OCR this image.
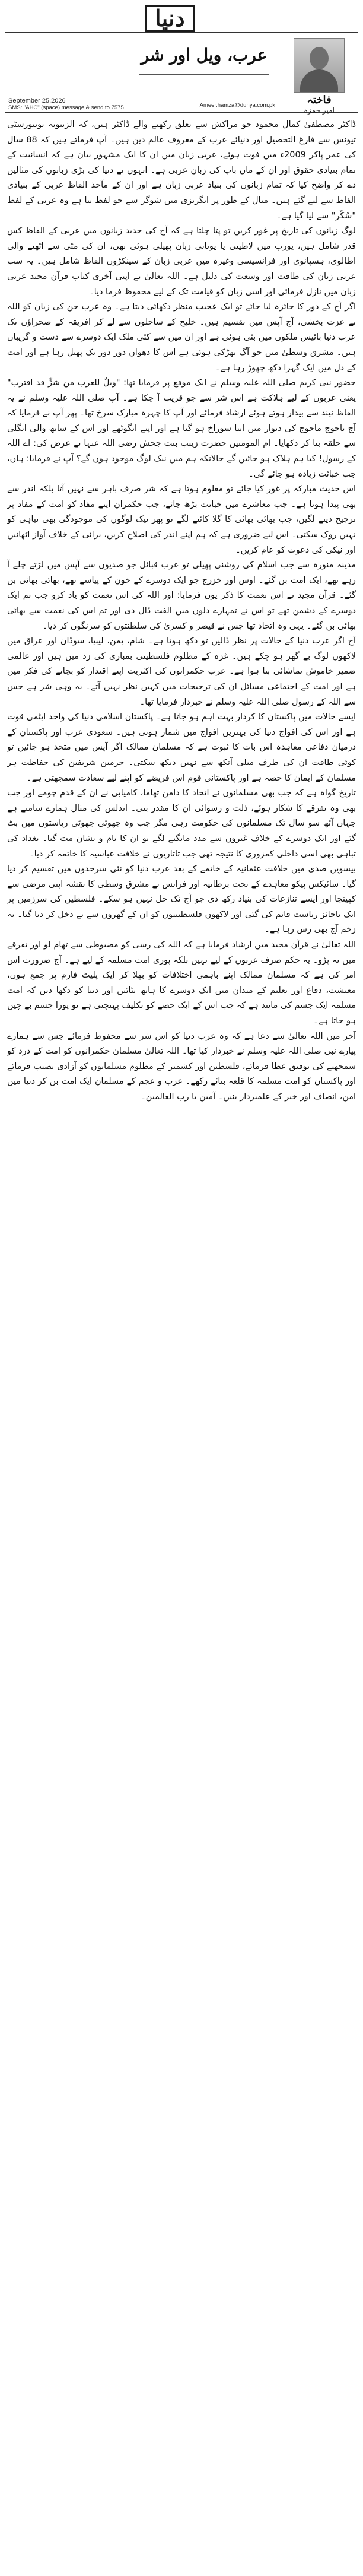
دنیا
فاختہ
امیر حمزہ
عرب، ویل اور شر
September 25,2026
SMS: "AHC" (space) message & send to 7575	Ameer.hamza@dunya.com.pk

ڈاکٹر مصطفیٰ کمال محمود جو مراکش سے تعلق رکھنے والے ڈاکٹر ہیں، کہ الزیتونہ یونیورسٹی تیونس سے فارغ التحصیل اور دنیائے عرب کے معروف عالم دین ہیں۔ آپ فرماتے ہیں کہ 88 سال کی عمر پاکر 2009ء میں فوت ہوئے، عربی زبان میں ان کا ایک مشہور بیان ہے کہ انسانیت کے تمام بنیادی حقوق اور ان کے ماں باپ کی زبان عربی ہے۔ انہوں نے دنیا کی بڑی زبانوں کی مثالیں دے کر واضح کیا کہ تمام زبانوں کی بنیاد عربی زبان ہے اور ان کے مآخذ الفاظ عربی کے بنیادی الفاظ سے لیے گئے ہیں۔ مثال کے طور پر انگریزی میں شوگر سے جو لفظ بنا ہے وہ عربی کے لفظ "سُکّر" سے لیا گیا ہے۔

لوگ زبانوں کی تاریخ پر غور کریں تو پتا چلتا ہے کہ آج کی جدید زبانوں میں عربی کے الفاظ کس قدر شامل ہیں، یورپ میں لاطینی یا یونانی زبان پھیلی ہوئی تھی، ان کی مٹی سے اٹھنے والی اطالوی، ہسپانوی اور فرانسیسی وغیرہ میں عربی زبان کے سینکڑوں الفاظ شامل ہیں۔ یہ سب عربی زبان کی طاقت اور وسعت کی دلیل ہے۔ اللہ تعالیٰ نے اپنی آخری کتاب قرآن مجید عربی زبان میں نازل فرمائی اور اسی زبان کو قیامت تک کے لیے محفوظ فرما دیا۔

اگر آج کے دور کا جائزہ لیا جائے تو ایک عجیب منظر دکھائی دیتا ہے۔ وہ عرب جن کی زبان کو اللہ نے عزت بخشی، آج آپس میں تقسیم ہیں۔ خلیج کے ساحلوں سے لے کر افریقہ کے صحراؤں تک عرب دنیا بائیس ملکوں میں بٹی ہوئی ہے اور ان میں سے کئی ملک ایک دوسرے سے دست و گریباں ہیں۔ مشرق وسطیٰ میں جو آگ بھڑکی ہوئی ہے اس کا دھواں دور دور تک پھیل رہا ہے اور امت کے دل میں ایک گہرا دکھ چھوڑ رہا ہے۔

حضور نبی کریم صلی اللہ علیہ وسلم نے ایک موقع پر فرمایا تھا: "ویلٌ للعرب من شرٍّ قد اقترب" یعنی عربوں کے لیے ہلاکت ہے اس شر سے جو قریب آ چکا ہے۔ آپ صلی اللہ علیہ وسلم نے یہ الفاظ نیند سے بیدار ہوتے ہوئے ارشاد فرمائے اور آپ کا چہرہ مبارک سرخ تھا۔ پھر آپ نے فرمایا کہ آج یاجوج ماجوج کی دیوار میں اتنا سوراخ ہو گیا ہے اور اپنے انگوٹھے اور اس کے ساتھ والی انگلی سے حلقہ بنا کر دکھایا۔ ام المومنین حضرت زینب بنت جحش رضی اللہ عنہا نے عرض کی: اے اللہ کے رسول! کیا ہم ہلاک ہو جائیں گے حالانکہ ہم میں نیک لوگ موجود ہوں گے؟ آپ نے فرمایا: ہاں، جب خباثت زیادہ ہو جائے گی۔

اس حدیث مبارکہ پر غور کیا جائے تو معلوم ہوتا ہے کہ شر صرف باہر سے نہیں آتا بلکہ اندر سے بھی پیدا ہوتا ہے۔ جب معاشرے میں خباثت بڑھ جائے، جب حکمران اپنے مفاد کو امت کے مفاد پر ترجیح دینے لگیں، جب بھائی بھائی کا گلا کاٹنے لگے تو پھر نیک لوگوں کی موجودگی بھی تباہی کو نہیں روک سکتی۔ اس لیے ضروری ہے کہ ہم اپنے اندر کی اصلاح کریں، برائی کے خلاف آواز اٹھائیں اور نیکی کی دعوت کو عام کریں۔

مدینہ منورہ سے جب اسلام کی روشنی پھیلی تو عرب قبائل جو صدیوں سے آپس میں لڑتے چلے آ رہے تھے، ایک امت بن گئے۔ اوس اور خزرج جو ایک دوسرے کے خون کے پیاسے تھے، بھائی بھائی بن گئے۔ قرآن مجید نے اس نعمت کا ذکر یوں فرمایا: اور اللہ کی اس نعمت کو یاد کرو جب تم ایک دوسرے کے دشمن تھے تو اس نے تمہارے دلوں میں الفت ڈال دی اور تم اس کی نعمت سے بھائی بھائی بن گئے۔ یہی وہ اتحاد تھا جس نے قیصر و کسریٰ کی سلطنتوں کو سرنگوں کر دیا۔

آج اگر عرب دنیا کے حالات پر نظر ڈالیں تو دکھ ہوتا ہے۔ شام، یمن، لیبیا، سوڈان اور عراق میں لاکھوں لوگ بے گھر ہو چکے ہیں۔ غزہ کے مظلوم فلسطینی بمباری کی زد میں ہیں اور عالمی ضمیر خاموش تماشائی بنا ہوا ہے۔ عرب حکمرانوں کی اکثریت اپنے اقتدار کو بچانے کی فکر میں ہے اور امت کے اجتماعی مسائل ان کی ترجیحات میں کہیں نظر نہیں آتے۔ یہ وہی شر ہے جس سے اللہ کے رسول صلی اللہ علیہ وسلم نے خبردار فرمایا تھا۔

ایسے حالات میں پاکستان کا کردار بہت اہم ہو جاتا ہے۔ پاکستان اسلامی دنیا کی واحد ایٹمی قوت ہے اور اس کی افواج دنیا کی بہترین افواج میں شمار ہوتی ہیں۔ سعودی عرب اور پاکستان کے درمیان دفاعی معاہدہ اس بات کا ثبوت ہے کہ مسلمان ممالک اگر آپس میں متحد ہو جائیں تو کوئی طاقت ان کی طرف میلی آنکھ سے نہیں دیکھ سکتی۔ حرمین شریفین کی حفاظت ہر مسلمان کے ایمان کا حصہ ہے اور پاکستانی قوم اس فریضے کو اپنے لیے سعادت سمجھتی ہے۔

تاریخ گواہ ہے کہ جب بھی مسلمانوں نے اتحاد کا دامن تھاما، کامیابی نے ان کے قدم چومے اور جب بھی وہ تفرقے کا شکار ہوئے، ذلت و رسوائی ان کا مقدر بنی۔ اندلس کی مثال ہمارے سامنے ہے جہاں آٹھ سو سال تک مسلمانوں کی حکومت رہی مگر جب وہ چھوٹی چھوٹی ریاستوں میں بٹ گئے اور ایک دوسرے کے خلاف غیروں سے مدد مانگنے لگے تو ان کا نام و نشان مٹ گیا۔ بغداد کی تباہی بھی اسی داخلی کمزوری کا نتیجہ تھی جب تاتاریوں نے خلافت عباسیہ کا خاتمہ کر دیا۔

بیسویں صدی میں خلافت عثمانیہ کے خاتمے کے بعد عرب دنیا کو نئی سرحدوں میں تقسیم کر دیا گیا۔ سائیکس پیکو معاہدے کے تحت برطانیہ اور فرانس نے مشرق وسطیٰ کا نقشہ اپنی مرضی سے کھینچا اور ایسے تنازعات کی بنیاد رکھ دی جو آج تک حل نہیں ہو سکے۔ فلسطین کی سرزمین پر ایک ناجائز ریاست قائم کی گئی اور لاکھوں فلسطینیوں کو ان کے گھروں سے بے دخل کر دیا گیا۔ یہ زخم آج بھی رس رہا ہے۔

اللہ تعالیٰ نے قرآن مجید میں ارشاد فرمایا ہے کہ اللہ کی رسی کو مضبوطی سے تھام لو اور تفرقے میں نہ پڑو۔ یہ حکم صرف عربوں کے لیے نہیں بلکہ پوری امت مسلمہ کے لیے ہے۔ آج ضرورت اس امر کی ہے کہ مسلمان ممالک اپنے باہمی اختلافات کو بھلا کر ایک پلیٹ فارم پر جمع ہوں، معیشت، دفاع اور تعلیم کے میدان میں ایک دوسرے کا ہاتھ بٹائیں اور دنیا کو دکھا دیں کہ امت مسلمہ ایک جسم کی مانند ہے کہ جب اس کے ایک حصے کو تکلیف پہنچتی ہے تو پورا جسم بے چین ہو جاتا ہے۔

آخر میں اللہ تعالیٰ سے دعا ہے کہ وہ عرب دنیا کو اس شر سے محفوظ فرمائے جس سے ہمارے پیارے نبی صلی اللہ علیہ وسلم نے خبردار کیا تھا۔ اللہ تعالیٰ مسلمان حکمرانوں کو امت کے درد کو سمجھنے کی توفیق عطا فرمائے، فلسطین اور کشمیر کے مظلوم مسلمانوں کو آزادی نصیب فرمائے اور پاکستان کو امت مسلمہ کا قلعہ بنائے رکھے۔ عرب و عجم کے مسلمان ایک امت بن کر دنیا میں امن، انصاف اور خیر کے علمبردار بنیں۔ آمین یا رب العالمین۔
